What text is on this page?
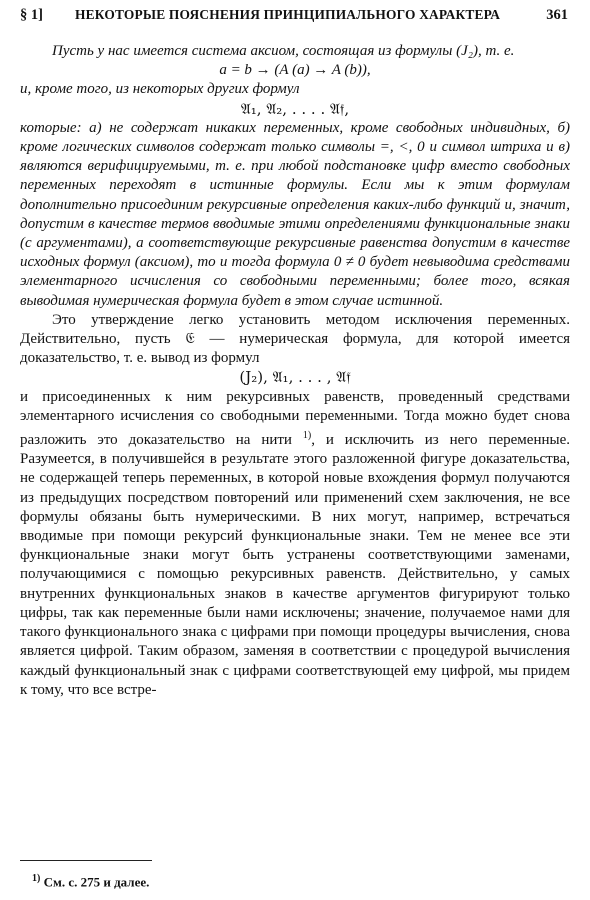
§ 1] НЕКОТОРЫЕ ПОЯСНЕНИЯ ПРИНЦИПИАЛЬНОГО ХАРАКТЕРА	361

Пусть у нас имеется система аксиом, состоящая из формулы (J₂), т. е.

a = b → (A (a) → A (b)),

и, кроме того, из некоторых других формул

𝔄₁, 𝔄₂, . . . . 𝔄𝔣,

которые: а) не содержат никаких переменных, кроме свободных индивидных, б) кроме логических символов содержат только символы =, <, 0 и символ штриха и в) являются верифицируемыми, т. е. при любой подстановке цифр вместо свободных переменных переходят в истинные формулы. Если мы к этим формулам дополнительно присоединим рекурсивные определения каких-либо функций и, значит, допустим в качестве термов вводимые этими определениями функциональные знаки (с аргументами), а соответствующие рекурсивные равенства допустим в качестве исходных формул (аксиом), то и тогда формула 0 ≠ 0 будет невыводима средствами элементарного исчисления со свободными переменными; более того, всякая выводимая нумерическая формула будет в этом случае истинной.

Это утверждение легко установить методом исключения переменных. Действительно, пусть 𝔈 — нумерическая формула, для которой имеется доказательство, т. е. вывод из формул

(J₂), 𝔄₁, . . . , 𝔄𝔣

и присоединенных к ним рекурсивных равенств, проведенный средствами элементарного исчисления со свободными переменными. Тогда можно будет снова разложить это доказательство на нити $^{1)}$, и исключить из него переменные. Разумеется, в получившейся в результате этого разложенной фигуре доказательства, не содержащей теперь переменных, в которой новые вхождения формул получаются из предыдущих посредством повторений или применений схем заключения, не все формулы обязаны быть нумерическими. В них могут, например, встречаться вводимые при помощи рекурсий функциональные знаки. Тем не менее все эти функциональные знаки могут быть устранены соответствующими заменами, получающимися с помощью рекурсивных равенств. Действительно, у самых внутренних функциональных знаков в качестве аргументов фигурируют только цифры, так как переменные были нами исключены; значение, получаемое нами для такого функционального знака с цифрами при помощи процедуры вычисления, снова является цифрой. Таким образом, заменяя в соответствии с процедурой вычисления каждый функциональный знак с цифрами соответствующей ему цифрой, мы придем к тому, что все встре-

$^{1)}$ См. с. 275 и далее.
